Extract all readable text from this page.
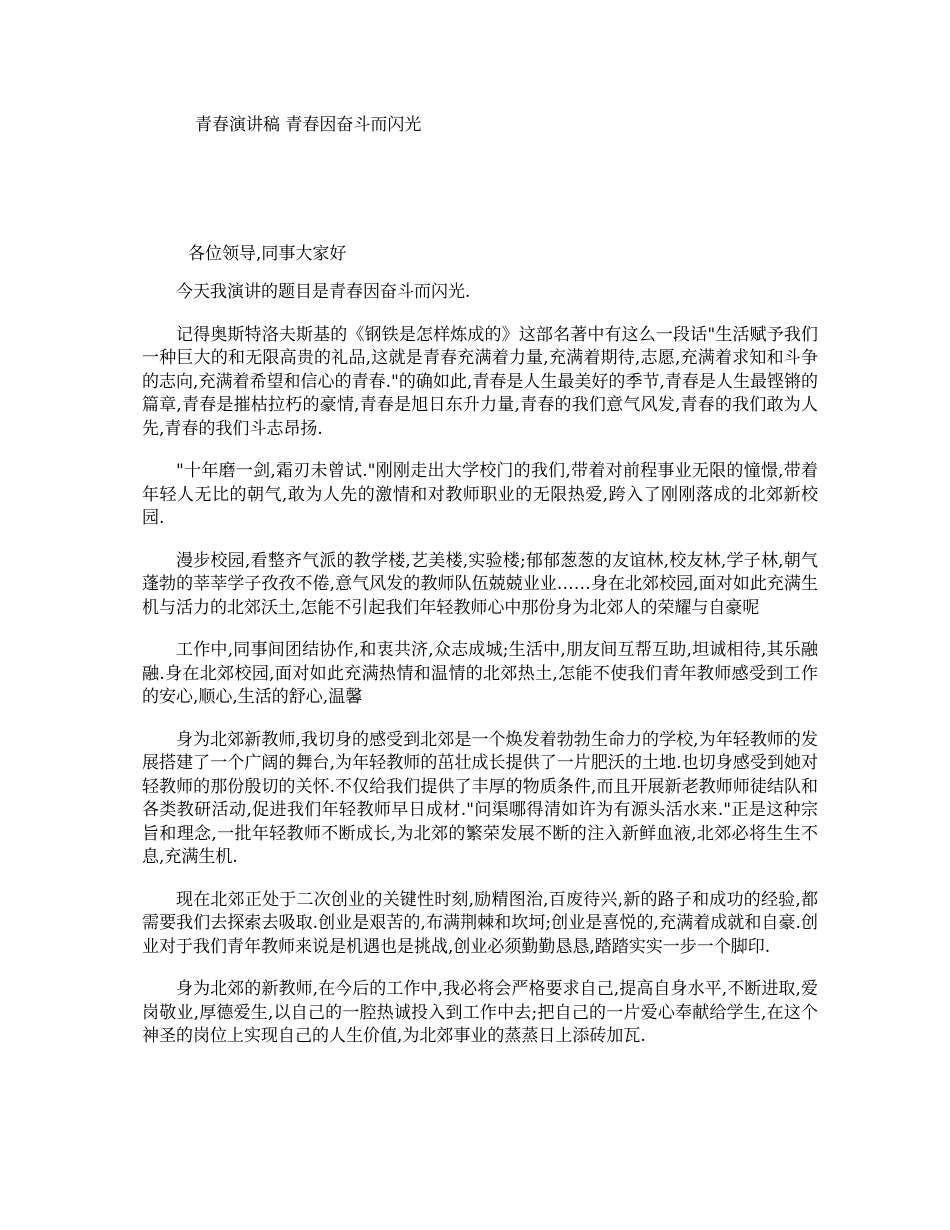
青春演讲稿 青春因奋斗而闪光

各位领导,同事大家好

今天我演讲的题目是青春因奋斗而闪光.

记得奥斯特洛夫斯基的《钢铁是怎样炼成的》这部名著中有这么一段话"生活赋予我们一种巨大的和无限高贵的礼品,这就是青春充满着力量,充满着期待,志愿,充满着求知和斗争的志向,充满着希望和信心的青春."的确如此,青春是人生最美好的季节,青春是人生最铿锵的篇章,青春是摧枯拉朽的豪情,青春是旭日东升力量,青春的我们意气风发,青春的我们敢为人先,青春的我们斗志昂扬.

"十年磨一剑,霜刃未曾试."刚刚走出大学校门的我们,带着对前程事业无限的憧憬,带着年轻人无比的朝气,敢为人先的激情和对教师职业的无限热爱,跨入了刚刚落成的北郊新校园.

漫步校园,看整齐气派的教学楼,艺美楼,实验楼;郁郁葱葱的友谊林,校友林,学子林,朝气蓬勃的莘莘学子孜孜不倦,意气风发的教师队伍兢兢业业……身在北郊校园,面对如此充满生机与活力的北郊沃土,怎能不引起我们年轻教师心中那份身为北郊人的荣耀与自豪呢

工作中,同事间团结协作,和衷共济,众志成城;生活中,朋友间互帮互助,坦诚相待,其乐融融.身在北郊校园,面对如此充满热情和温情的北郊热土,怎能不使我们青年教师感受到工作的安心,顺心,生活的舒心,温馨

身为北郊新教师,我切身的感受到北郊是一个焕发着勃勃生命力的学校,为年轻教师的发展搭建了一个广阔的舞台,为年轻教师的茁壮成长提供了一片肥沃的土地.也切身感受到她对轻教师的那份殷切的关怀.不仅给我们提供了丰厚的物质条件,而且开展新老教师师徒结队和各类教研活动,促进我们年轻教师早日成材."问渠哪得清如许为有源头活水来."正是这种宗旨和理念,一批年轻教师不断成长,为北郊的繁荣发展不断的注入新鲜血液,北郊必将生生不息,充满生机.

现在北郊正处于二次创业的关键性时刻,励精图治,百废待兴,新的路子和成功的经验,都需要我们去探索去吸取.创业是艰苦的,布满荆棘和坎坷;创业是喜悦的,充满着成就和自豪.创业对于我们青年教师来说是机遇也是挑战,创业必须勤勤恳恳,踏踏实实一步一个脚印.

身为北郊的新教师,在今后的工作中,我必将会严格要求自己,提高自身水平,不断进取,爱岗敬业,厚德爱生,以自己的一腔热诚投入到工作中去;把自己的一片爱心奉献给学生,在这个神圣的岗位上实现自己的人生价值,为北郊事业的蒸蒸日上添砖加瓦.
